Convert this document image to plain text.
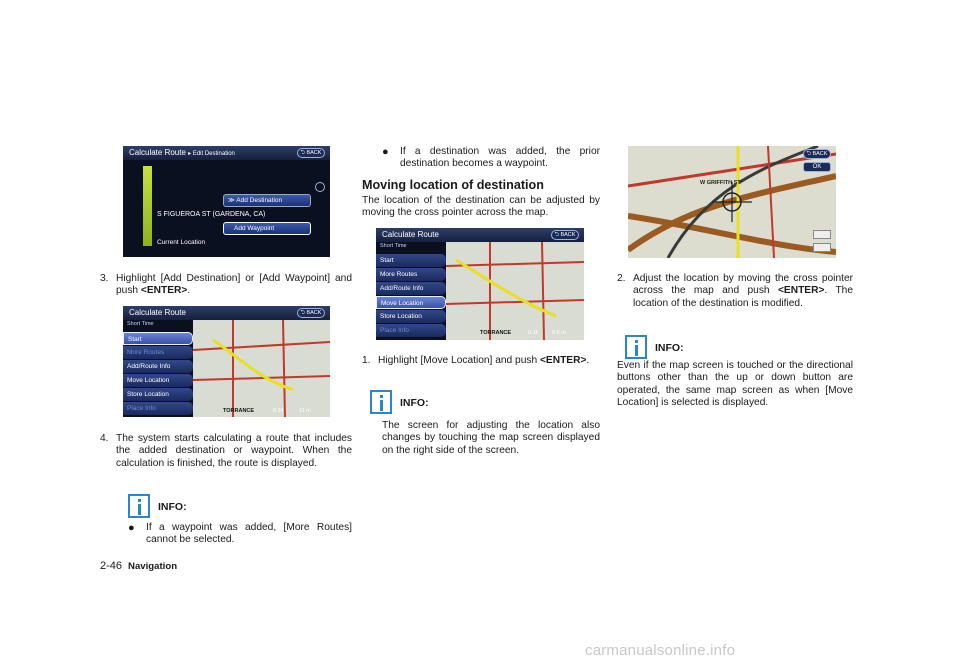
Calculate Route ▸ Edit Destination	⮌ BACK
≫ Add Destination
S FIGUEROA ST (GARDENA, CA)
Add Waypoint
Current Location
3. Highlight [Add Destination] or [Add Waypoint] and push <ENTER>.
Calculate Route	⮌ BACK
Short Time
Start
More Routes
Add/Route Info
Move Location
Store Location
Place Info	TORRANCE	0.24	11 m
4. The system starts calculating a route that includes the added destination or waypoint. When the calculation is finished, the route is displayed.
INFO:
●	If a waypoint was added, [More Routes] cannot be selected.
●	If a destination was added, the prior destination becomes a waypoint.
Moving location of destination
The location of the destination can be adjusted by moving the cross pointer across the map.
Calculate Route	⮌ BACK
Short Time
Start
More Routes
Add/Route Info
Move Location
Store Location
Place Info	TORRANCE	0.11 8.6 m
1. Highlight [Move Location] and push <ENTER>.
INFO:
The screen for adjusting the location also changes by touching the map screen displayed on the right side of the screen.
W GRIFFITH ST
⮌ BACK
OK
2. Adjust the location by moving the cross pointer across the map and push <ENTER>. The location of the destination is modified.
INFO:
Even if the map screen is touched or the directional buttons other than the up or down button are operated, the same map screen as when [Move Location] is selected is displayed.
2-46 Navigation
carmanualsonline.info
